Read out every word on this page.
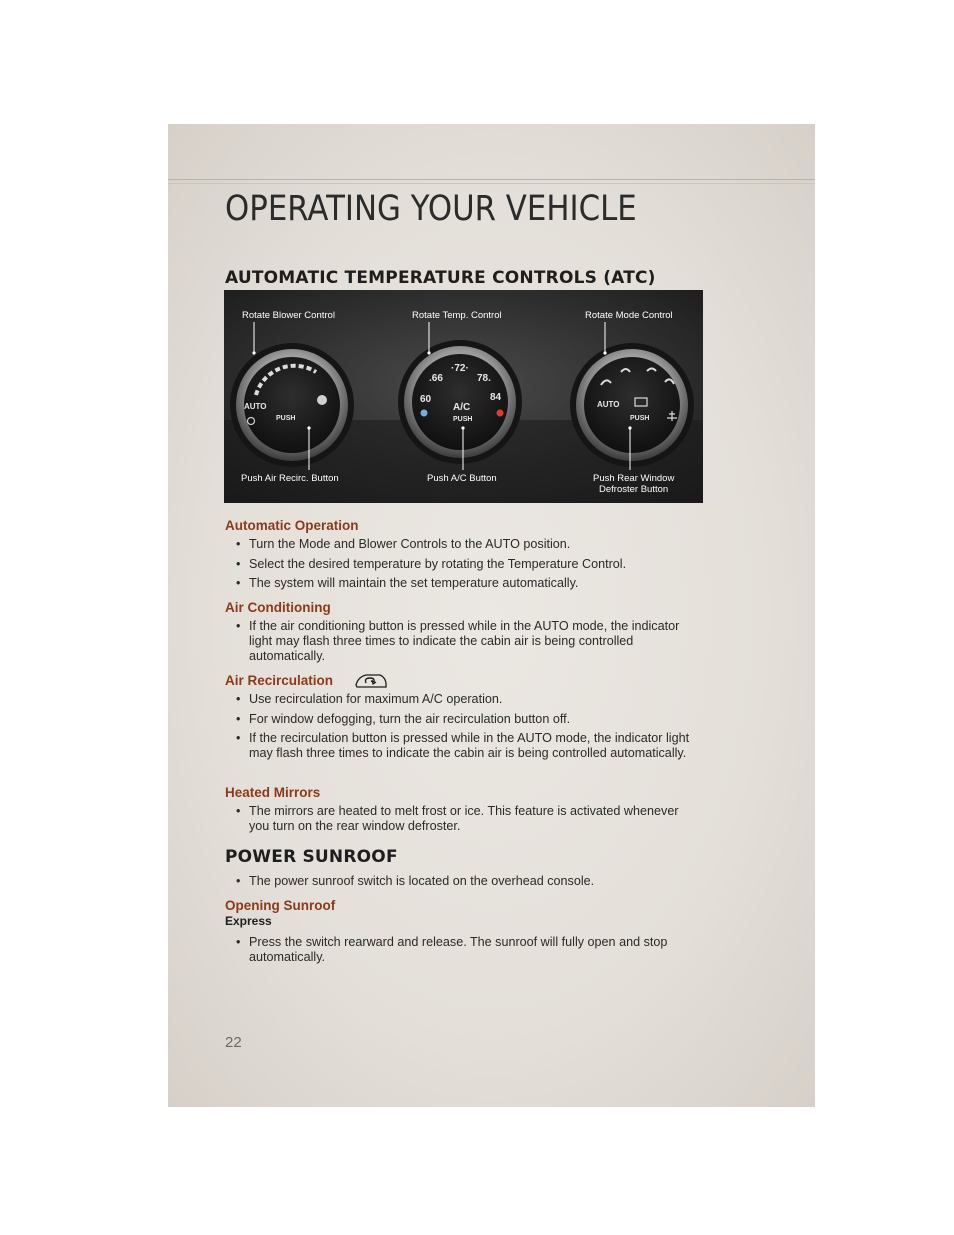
OPERATING YOUR VEHICLE
AUTOMATIC TEMPERATURE CONTROLS (ATC)
Rotate Blower Control	Rotate Temp. Control	Rotate Mode Control
Push Air Recirc. Button	Push A/C Button	Push Rear Window
Defroster Button
AUTO
PUSH
.66
·72·
78.
60	84
A/C
PUSH
AUTO
PUSH
Automatic Operation
• Turn the Mode and Blower Controls to the AUTO position.
• Select the desired temperature by rotating the Temperature Control.
• The system will maintain the set temperature automatically.
Air Conditioning
• If the air conditioning button is pressed while in the AUTO mode, the indicator light may flash three times to indicate the cabin air is being controlled automatically.
Air Recirculation
• Use recirculation for maximum A/C operation.
• For window defogging, turn the air recirculation button off.
• If the recirculation button is pressed while in the AUTO mode, the indicator light may flash three times to indicate the cabin air is being controlled automatically.
Heated Mirrors
• The mirrors are heated to melt frost or ice. This feature is activated whenever you turn on the rear window defroster.
POWER SUNROOF
• The power sunroof switch is located on the overhead console.
Opening Sunroof
Express
• Press the switch rearward and release. The sunroof will fully open and stop automatically.
22
